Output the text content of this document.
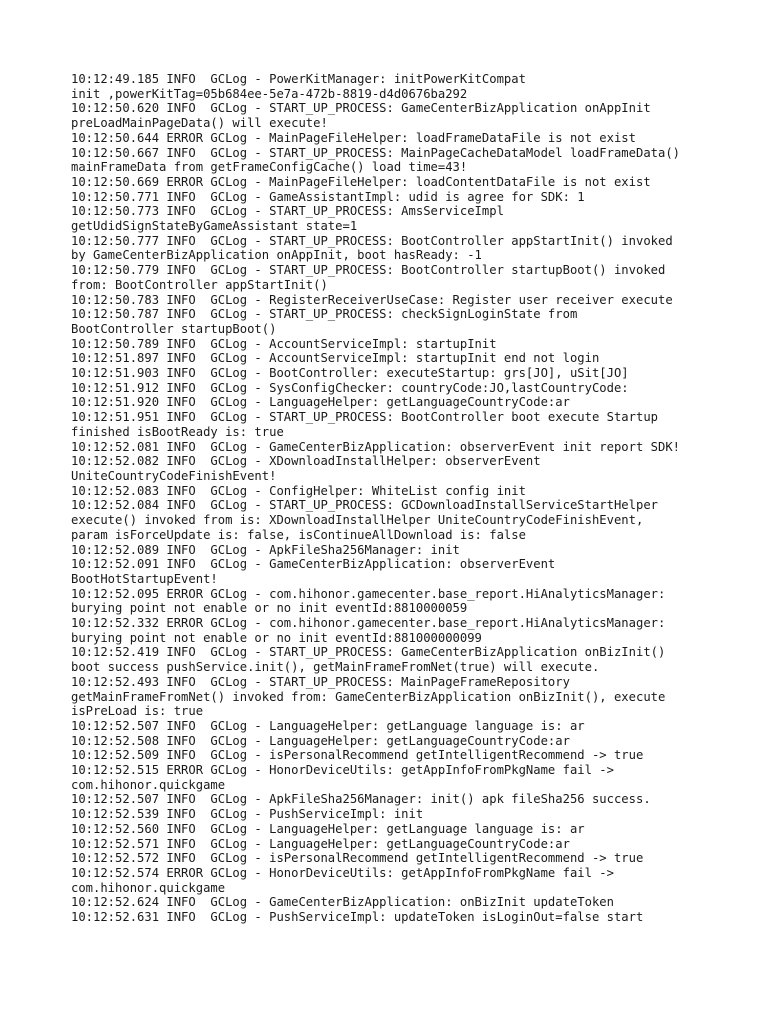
10:12:49.185 INFO  GCLog - PowerKitManager: initPowerKitCompat
init ,powerKitTag=05b684ee-5e7a-472b-8819-d4d0676ba292
10:12:50.620 INFO  GCLog - START_UP_PROCESS: GameCenterBizApplication onAppInit
preLoadMainPageData() will execute!
10:12:50.644 ERROR GCLog - MainPageFileHelper: loadFrameDataFile is not exist
10:12:50.667 INFO  GCLog - START_UP_PROCESS: MainPageCacheDataModel loadFrameData()
mainFrameData from getFrameConfigCache() load time=43!
10:12:50.669 ERROR GCLog - MainPageFileHelper: loadContentDataFile is not exist
10:12:50.771 INFO  GCLog - GameAssistantImpl: udid is agree for SDK: 1
10:12:50.773 INFO  GCLog - START_UP_PROCESS: AmsServiceImpl
getUdidSignStateByGameAssistant state=1
10:12:50.777 INFO  GCLog - START_UP_PROCESS: BootController appStartInit() invoked
by GameCenterBizApplication onAppInit, boot hasReady: -1
10:12:50.779 INFO  GCLog - START_UP_PROCESS: BootController startupBoot() invoked
from: BootController appStartInit()
10:12:50.783 INFO  GCLog - RegisterReceiverUseCase: Register user receiver execute
10:12:50.787 INFO  GCLog - START_UP_PROCESS: checkSignLoginState from
BootController startupBoot()
10:12:50.789 INFO  GCLog - AccountServiceImpl: startupInit
10:12:51.897 INFO  GCLog - AccountServiceImpl: startupInit end not login
10:12:51.903 INFO  GCLog - BootController: executeStartup: grs[JO], uSit[JO]
10:12:51.912 INFO  GCLog - SysConfigChecker: countryCode:JO,lastCountryCode:
10:12:51.920 INFO  GCLog - LanguageHelper: getLanguageCountryCode:ar
10:12:51.951 INFO  GCLog - START_UP_PROCESS: BootController boot execute Startup
finished isBootReady is: true
10:12:52.081 INFO  GCLog - GameCenterBizApplication: observerEvent init report SDK!
10:12:52.082 INFO  GCLog - XDownloadInstallHelper: observerEvent
UniteCountryCodeFinishEvent!
10:12:52.083 INFO  GCLog - ConfigHelper: WhiteList config init
10:12:52.084 INFO  GCLog - START_UP_PROCESS: GCDownloadInstallServiceStartHelper
execute() invoked from is: XDownloadInstallHelper UniteCountryCodeFinishEvent,
param isForceUpdate is: false, isContinueAllDownload is: false
10:12:52.089 INFO  GCLog - ApkFileSha256Manager: init
10:12:52.091 INFO  GCLog - GameCenterBizApplication: observerEvent
BootHotStartupEvent!
10:12:52.095 ERROR GCLog - com.hihonor.gamecenter.base_report.HiAnalyticsManager:
burying point not enable or no init eventId:8810000059
10:12:52.332 ERROR GCLog - com.hihonor.gamecenter.base_report.HiAnalyticsManager:
burying point not enable or no init eventId:881000000099
10:12:52.419 INFO  GCLog - START_UP_PROCESS: GameCenterBizApplication onBizInit()
boot success pushService.init(), getMainFrameFromNet(true) will execute.
10:12:52.493 INFO  GCLog - START_UP_PROCESS: MainPageFrameRepository
getMainFrameFromNet() invoked from: GameCenterBizApplication onBizInit(), execute
isPreLoad is: true
10:12:52.507 INFO  GCLog - LanguageHelper: getLanguage language is: ar
10:12:52.508 INFO  GCLog - LanguageHelper: getLanguageCountryCode:ar
10:12:52.509 INFO  GCLog - isPersonalRecommend getIntelligentRecommend -> true
10:12:52.515 ERROR GCLog - HonorDeviceUtils: getAppInfoFromPkgName fail ->
com.hihonor.quickgame
10:12:52.507 INFO  GCLog - ApkFileSha256Manager: init() apk fileSha256 success.
10:12:52.539 INFO  GCLog - PushServiceImpl: init
10:12:52.560 INFO  GCLog - LanguageHelper: getLanguage language is: ar
10:12:52.571 INFO  GCLog - LanguageHelper: getLanguageCountryCode:ar
10:12:52.572 INFO  GCLog - isPersonalRecommend getIntelligentRecommend -> true
10:12:52.574 ERROR GCLog - HonorDeviceUtils: getAppInfoFromPkgName fail ->
com.hihonor.quickgame
10:12:52.624 INFO  GCLog - GameCenterBizApplication: onBizInit updateToken
10:12:52.631 INFO  GCLog - PushServiceImpl: updateToken isLoginOut=false start
